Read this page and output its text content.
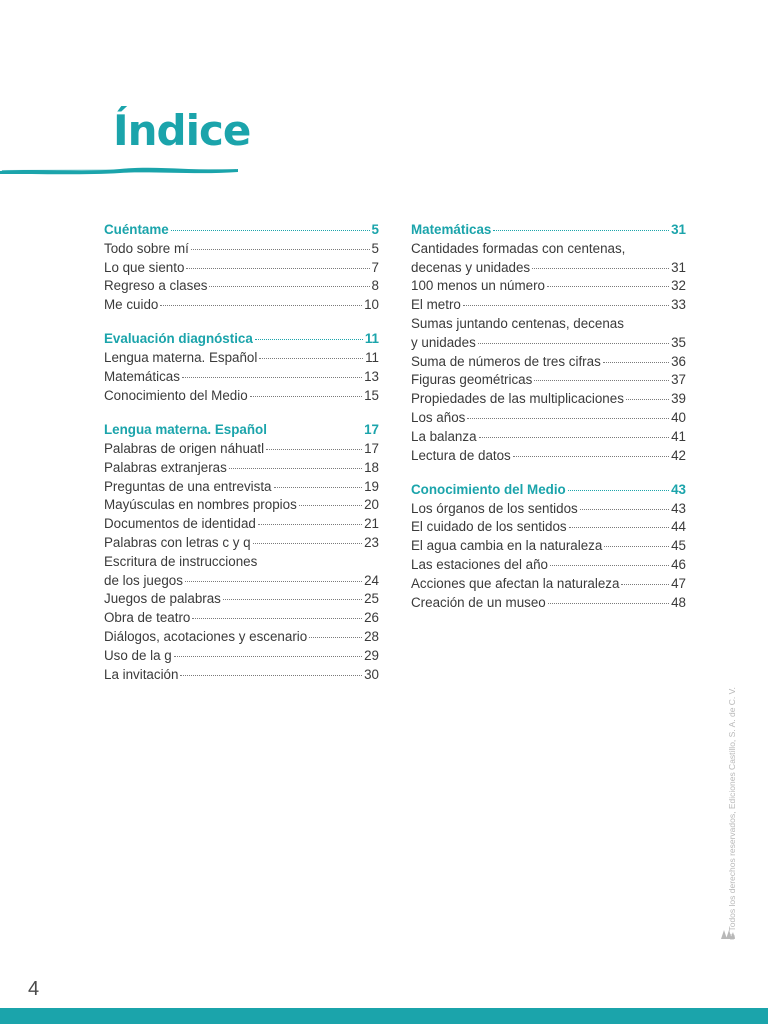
Índice
Cuéntame	5
Todo sobre mí	5
Lo que siento	7
Regreso a clases	8
Me cuido	10
Evaluación diagnóstica	11
Lengua materna. Español	11
Matemáticas	13
Conocimiento del Medio	15
Lengua materna. Español	17
Palabras de origen náhuatl	17
Palabras extranjeras	18
Preguntas de una entrevista	19
Mayúsculas en nombres propios	20
Documentos de identidad	21
Palabras con letras c y q	23
Escritura de instrucciones
de los juegos	24
Juegos de palabras	25
Obra de teatro	26
Diálogos, acotaciones y escenario	28
Uso de la g	29
La invitación	30
Matemáticas	31
Cantidades formadas con centenas,
decenas y unidades	31
100 menos un número	32
El metro	33
Sumas juntando centenas, decenas
y unidades	35
Suma de números de tres cifras	36
Figuras geométricas	37
Propiedades de las multiplicaciones	39
Los años	40
La balanza	41
Lectura de datos	42
Conocimiento del Medio	43
Los órganos de los sentidos	43
El cuidado de los sentidos	44
El agua cambia en la naturaleza	45
Las estaciones del año	46
Acciones que afectan la naturaleza	47
Creación de un museo	48
© Todos los derechos reservados, Ediciones Castillo, S. A. de C. V.
4
